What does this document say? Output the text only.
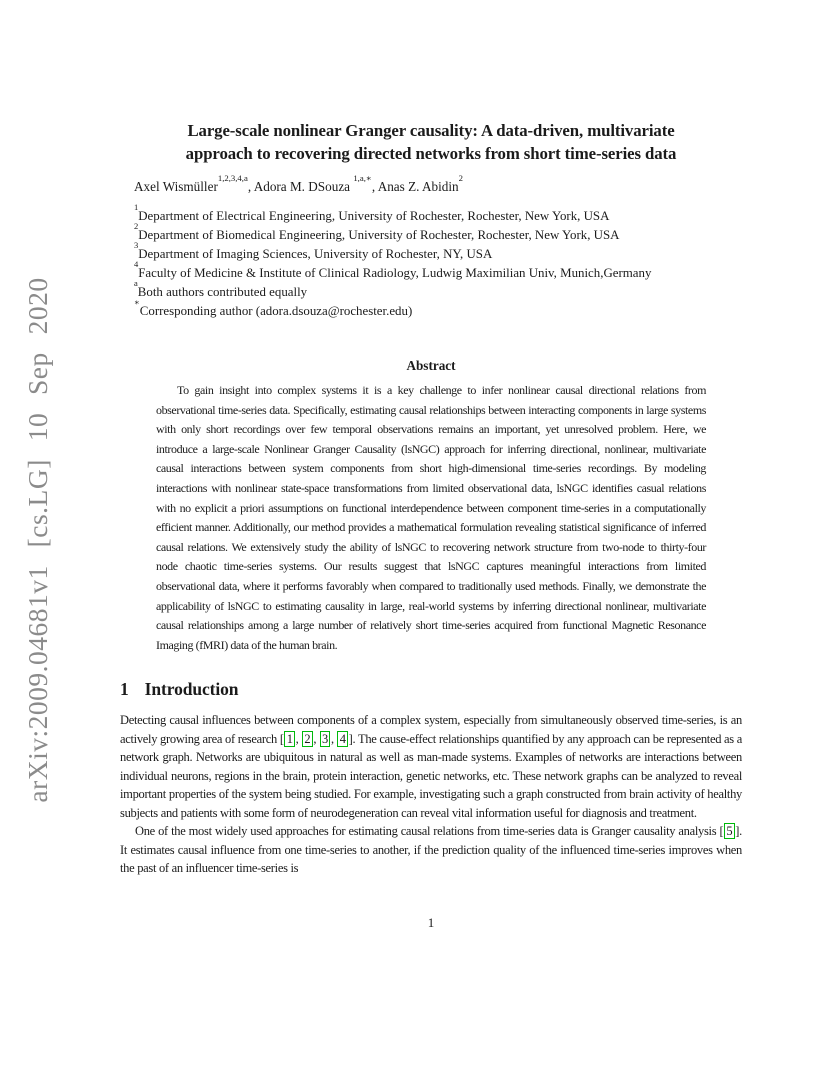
arXiv:2009.04681v1 [cs.LG] 10 Sep 2020
Large-scale nonlinear Granger causality: A data-driven, multivariate
approach to recovering directed networks from short time-series data
Axel Wismüller$^{1,2,3,4,a}$, Adora M. DSouza $^{1,a,∗}$, Anas Z. Abidin$^2$
$^1$Department of Electrical Engineering, University of Rochester, Rochester, New York, USA
$^2$Department of Biomedical Engineering, University of Rochester, Rochester, New York, USA
$^3$Department of Imaging Sciences, University of Rochester, NY, USA
$^4$Faculty of Medicine & Institute of Clinical Radiology, Ludwig Maximilian Univ, Munich,Germany
$^a$Both authors contributed equally
∗Corresponding author (adora.dsouza@rochester.edu)
Abstract

To gain insight into complex systems it is a key challenge to infer nonlinear causal directional relations from observational time-series data. Specifically, estimating causal relationships between interacting components in large systems with only short recordings over few temporal observations remains an important, yet unresolved problem. Here, we introduce a large-scale Nonlinear Granger Causality (lsNGC) approach for inferring directional, nonlinear, multivariate causal interactions between system components from short high-dimensional time-series recordings. By modeling interactions with nonlinear state-space transformations from limited observational data, lsNGC identifies casual relations with no explicit a priori assumptions on functional interdependence between component time-series in a computationally efficient manner. Additionally, our method provides a mathematical formulation revealing statistical significance of inferred causal relations. We extensively study the ability of lsNGC to recovering network structure from two-node to thirty-four node chaotic time-series systems. Our results suggest that lsNGC captures meaningful interactions from limited observational data, where it performs favorably when compared to traditionally used methods. Finally, we demonstrate the applicability of lsNGC to estimating causality in large, real-world systems by inferring directional nonlinear, multivariate causal relationships among a large number of relatively short time-series acquired from functional Magnetic Resonance Imaging (fMRI) data of the human brain.

1 Introduction

Detecting causal influences between components of a complex system, especially from simultaneously observed time-series, is an actively growing area of research [ 1 , 2 , 3 , 4 ]. The cause-effect relationships quantified by any approach can be represented as a network graph. Networks are ubiquitous in natural as well as man-made systems. Examples of networks are interactions between individual neurons, regions in the brain, protein interaction, genetic networks, etc. These network graphs can be analyzed to reveal important properties of the system being studied. For example, investigating such a graph constructed from brain activity of healthy subjects and patients with some form of neurodegeneration can reveal vital information useful for diagnosis and treatment.

One of the most widely used approaches for estimating causal relations from time-series data is Granger causality analysis [ 5 ]. It estimates causal influence from one time-series to another, if the prediction quality of the influenced time-series improves when the past of an influencer time-series is

1
